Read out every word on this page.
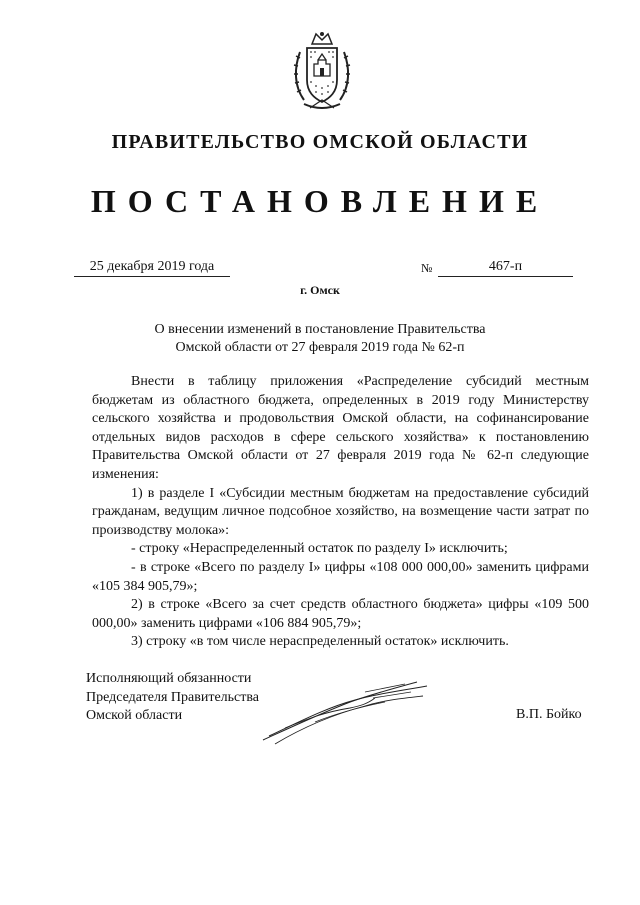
ПРАВИТЕЛЬСТВО ОМСКОЙ ОБЛАСТИ
ПОСТАНОВЛЕНИЕ
25 декабря 2019 года	№	467-п
г. Омск
О внесении изменений в постановление Правительства
Омской области от 27 февраля 2019 года № 62-п

Внести в таблицу приложения «Распределение субсидий местным бюджетам из областного бюджета, определенных в 2019 году Министерству сельского хозяйства и продовольствия Омской области, на софинансирование отдельных видов расходов в сфере сельского хозяйства» к постановлению Правительства Омской области от 27 февраля 2019 года № 62-п следующие изменения:

1) в разделе I «Субсидии местным бюджетам на предоставление субсидий гражданам, ведущим личное подсобное хозяйство, на возмещение части затрат по производству молока»:

- строку «Нераспределенный остаток по разделу I» исключить;

- в строке «Всего по разделу I» цифры «108 000 000,00» заменить цифрами «105 384 905,79»;

2) в строке «Всего за счет средств областного бюджета» цифры «109 500 000,00» заменить цифрами «106 884 905,79»;

3) строку «в том числе нераспределенный остаток» исключить.

Исполняющий обязанности
Председателя Правительства
Омской области	В.П. Бойко
